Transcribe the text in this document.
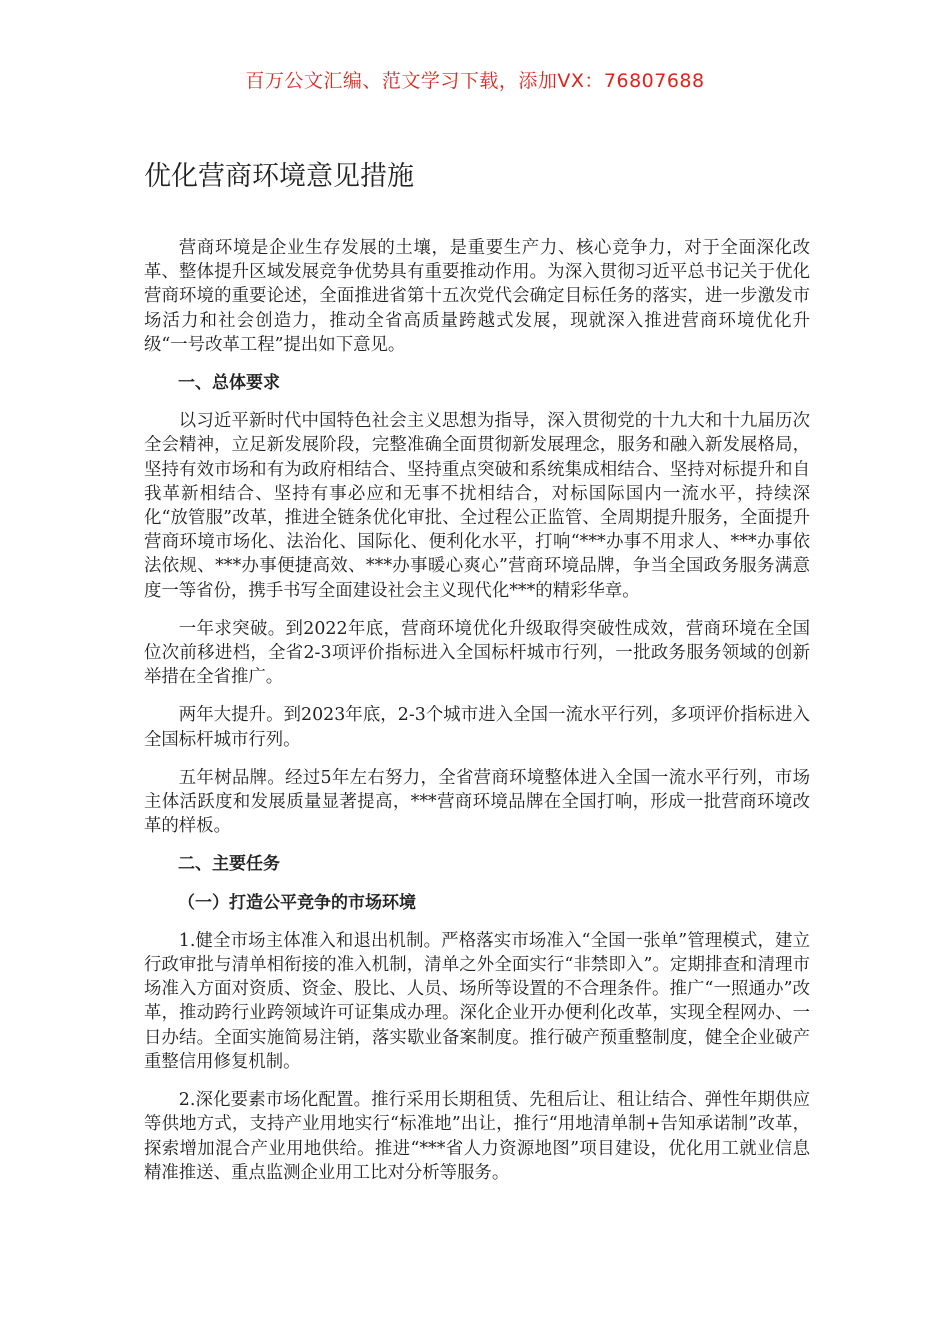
百万公文汇编、范文学习下载，添加VX：76807688
优化营商环境意见措施

营商环境是企业生存发展的土壤，是重要生产力、核心竞争力，对于全面深化改革、整体提升区域发展竞争优势具有重要推动作用。为深入贯彻习近平总书记关于优化营商环境的重要论述，全面推进省第十五次党代会确定目标任务的落实，进一步激发市场活力和社会创造力，推动全省高质量跨越式发展，现就深入推进营商环境优化升级“一号改革工程”提出如下意见。

一、总体要求

以习近平新时代中国特色社会主义思想为指导，深入贯彻党的十九大和十九届历次全会精神，立足新发展阶段，完整准确全面贯彻新发展理念，服务和融入新发展格局，坚持有效市场和有为政府相结合、坚持重点突破和系统集成相结合、坚持对标提升和自我革新相结合、坚持有事必应和无事不扰相结合，对标国际国内一流水平，持续深化“放管服”改革，推进全链条优化审批、全过程公正监管、全周期提升服务，全面提升营商环境市场化、法治化、国际化、便利化水平，打响“***办事不用求人、***办事依法依规、***办事便捷高效、***办事暖心爽心”营商环境品牌，争当全国政务服务满意度一等省份，携手书写全面建设社会主义现代化***的精彩华章。

一年求突破。到2022年底，营商环境优化升级取得突破性成效，营商环境在全国位次前移进档，全省2-3项评价指标进入全国标杆城市行列，一批政务服务领域的创新举措在全省推广。

两年大提升。到2023年底，2-3个城市进入全国一流水平行列，多项评价指标进入全国标杆城市行列。

五年树品牌。经过5年左右努力，全省营商环境整体进入全国一流水平行列，市场主体活跃度和发展质量显著提高，***营商环境品牌在全国打响，形成一批营商环境改革的样板。

二、主要任务

（一）打造公平竞争的市场环境

1.健全市场主体准入和退出机制。严格落实市场准入“全国一张单”管理模式，建立行政审批与清单相衔接的准入机制，清单之外全面实行“非禁即入”。定期排查和清理市场准入方面对资质、资金、股比、人员、场所等设置的不合理条件。推广“一照通办”改革，推动跨行业跨领域许可证集成办理。深化企业开办便利化改革，实现全程网办、一日办结。全面实施简易注销，落实歇业备案制度。推行破产预重整制度，健全企业破产重整信用修复机制。

2.深化要素市场化配置。推行采用长期租赁、先租后让、租让结合、弹性年期供应等供地方式，支持产业用地实行“标准地”出让，推行“用地清单制+告知承诺制”改革，探索增加混合产业用地供给。推进“***省人力资源地图”项目建设，优化用工就业信息精准推送、重点监测企业用工比对分析等服务。
